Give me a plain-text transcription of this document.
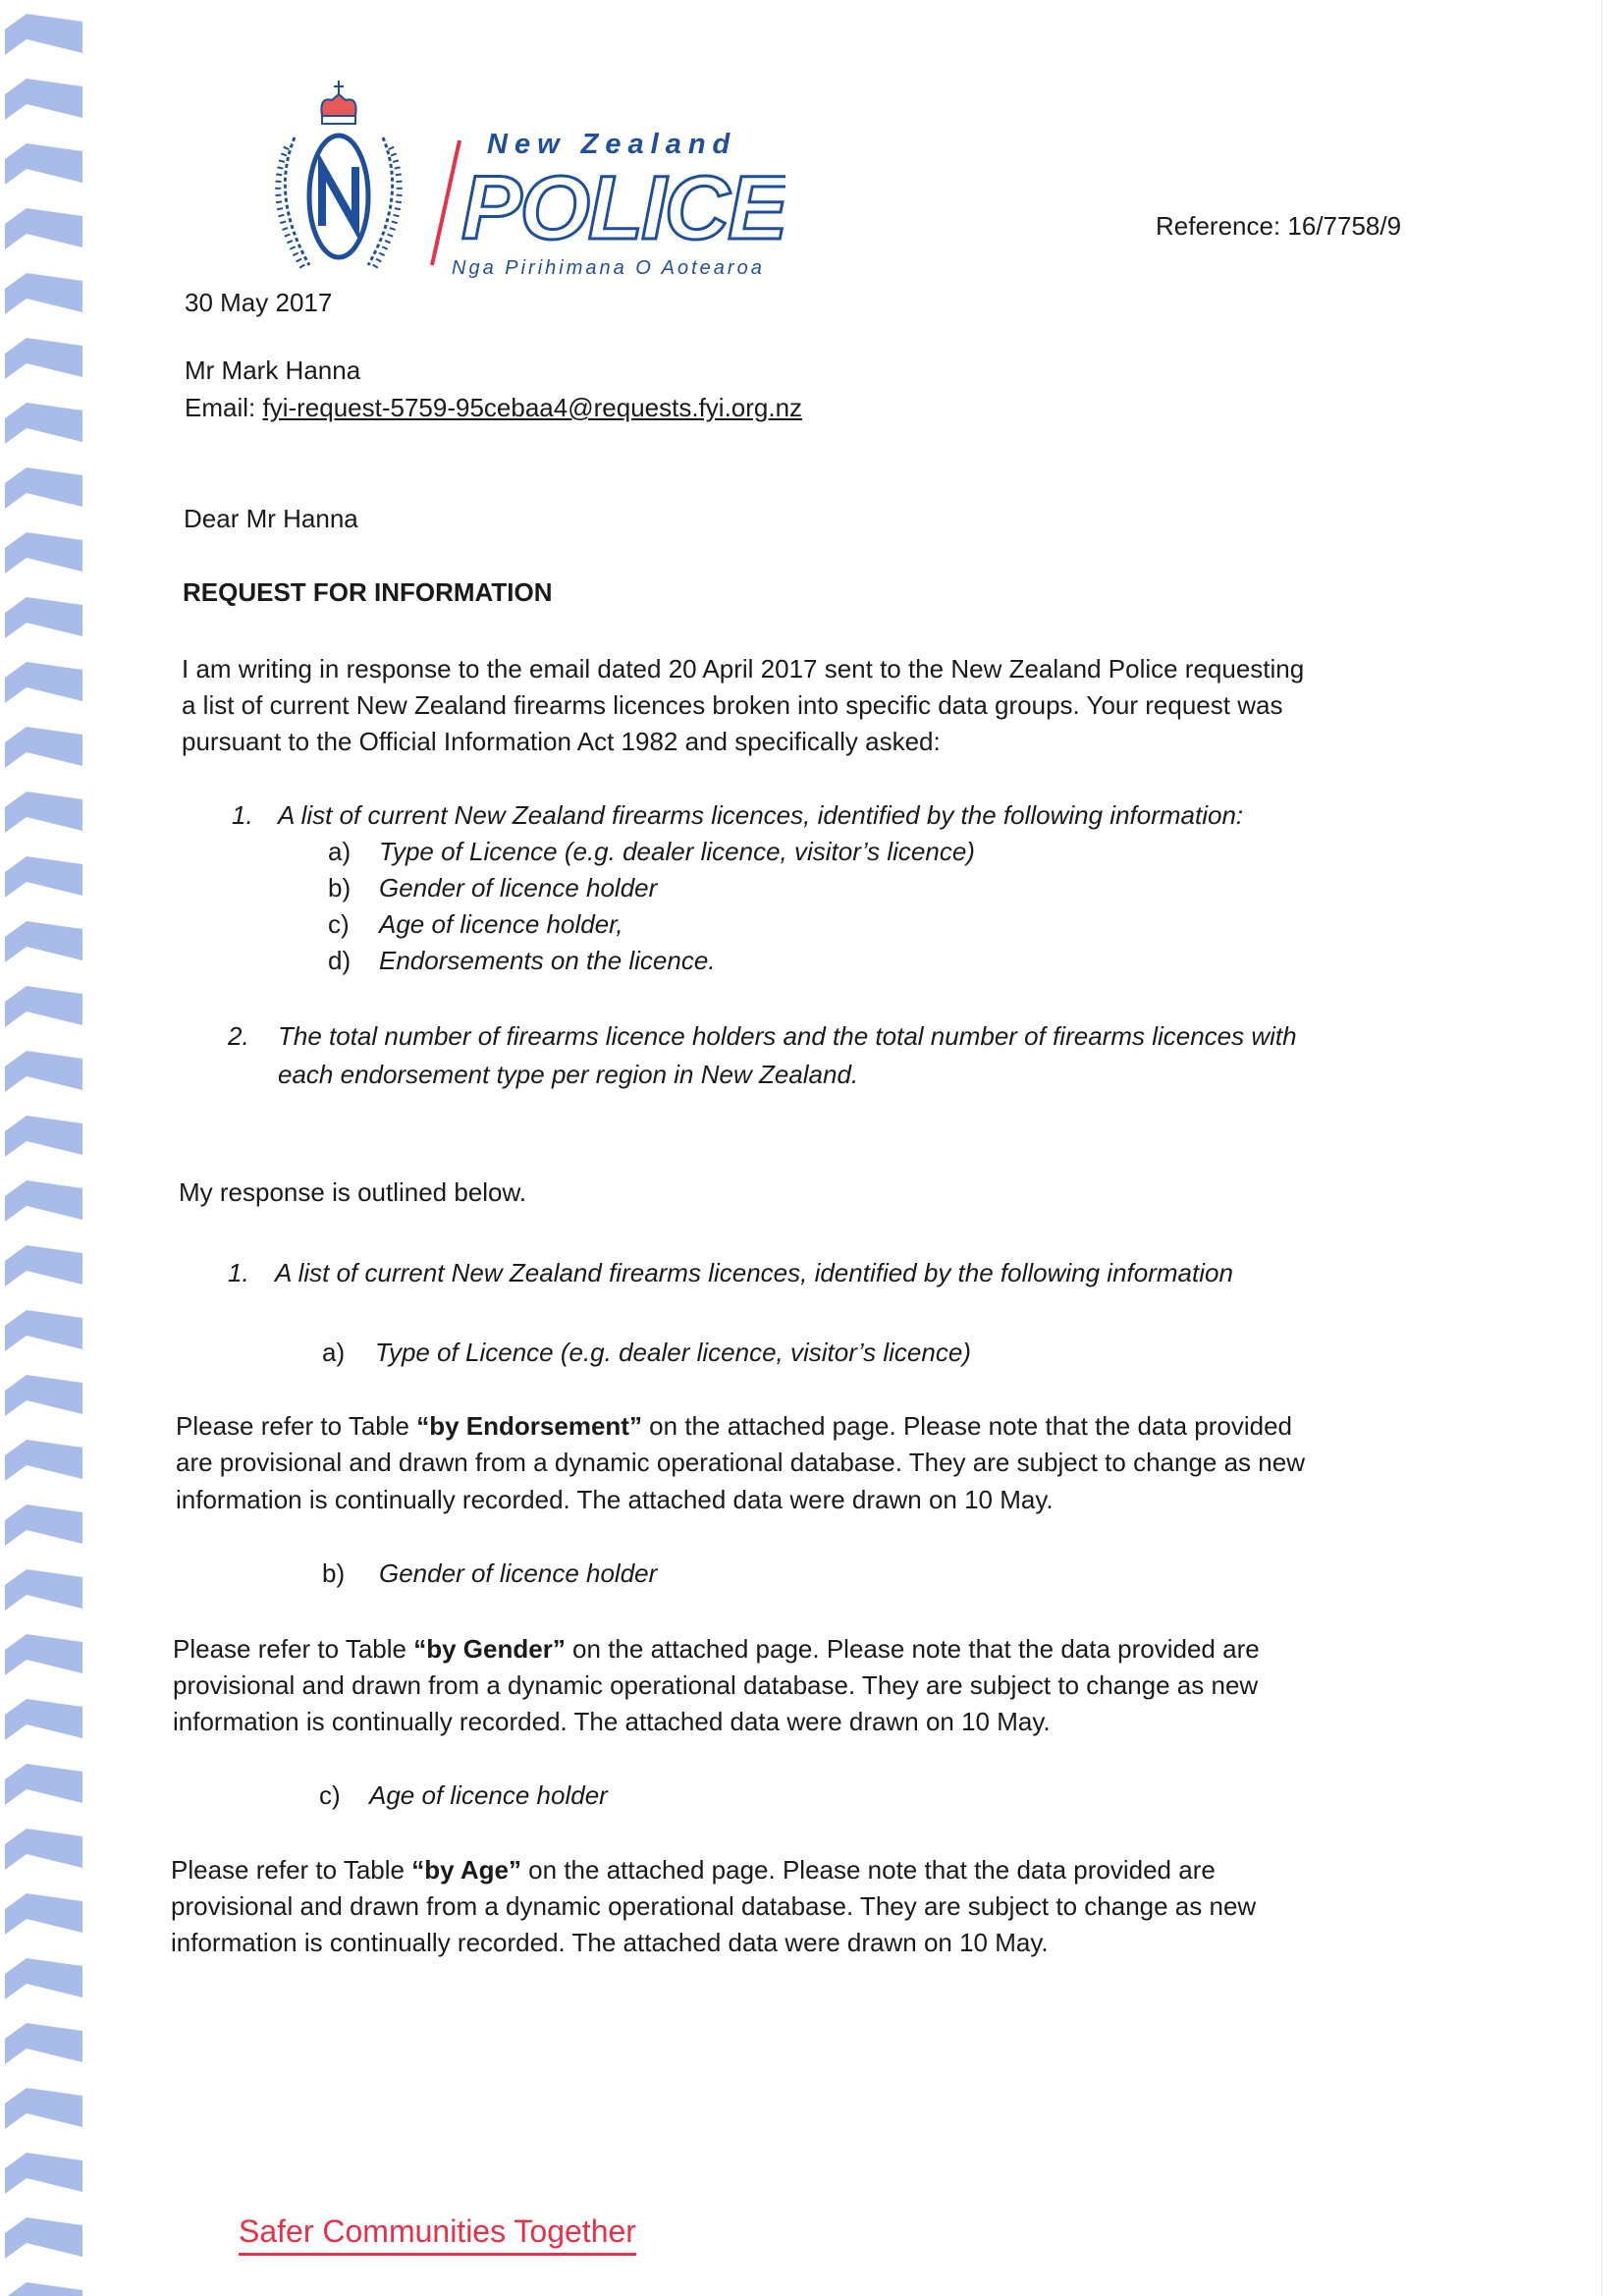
New Zealand
POLICE
Nga Pirihimana O Aotearoa
Reference: 16/7758/9
30 May 2017
Mr Mark Hanna
Email: fyi-request-5759-95cebaa4@requests.fyi.org.nz
Dear Mr Hanna
REQUEST FOR INFORMATION
I am writing in response to the email dated 20 April 2017 sent to the New Zealand Police requesting
a list of current New Zealand firearms licences broken into specific data groups. Your request was
pursuant to the Official Information Act 1982 and specifically asked:
1. A list of current New Zealand firearms licences, identified by the following information:
a) Type of Licence (e.g. dealer licence, visitor’s licence)
b) Gender of licence holder
c) Age of licence holder,
d) Endorsements on the licence.
2. The total number of firearms licence holders and the total number of firearms licences with
each endorsement type per region in New Zealand.
My response is outlined below.
1. A list of current New Zealand firearms licences, identified by the following information
a) Type of Licence (e.g. dealer licence, visitor’s licence)
Please refer to Table “by Endorsement” on the attached page. Please note that the data provided
are provisional and drawn from a dynamic operational database. They are subject to change as new
information is continually recorded. The attached data were drawn on 10 May.
b) Gender of licence holder
Please refer to Table “by Gender” on the attached page. Please note that the data provided are
provisional and drawn from a dynamic operational database. They are subject to change as new
information is continually recorded. The attached data were drawn on 10 May.
c) Age of licence holder
Please refer to Table “by Age” on the attached page. Please note that the data provided are
provisional and drawn from a dynamic operational database. They are subject to change as new
information is continually recorded. The attached data were drawn on 10 May.
Safer Communities Together
